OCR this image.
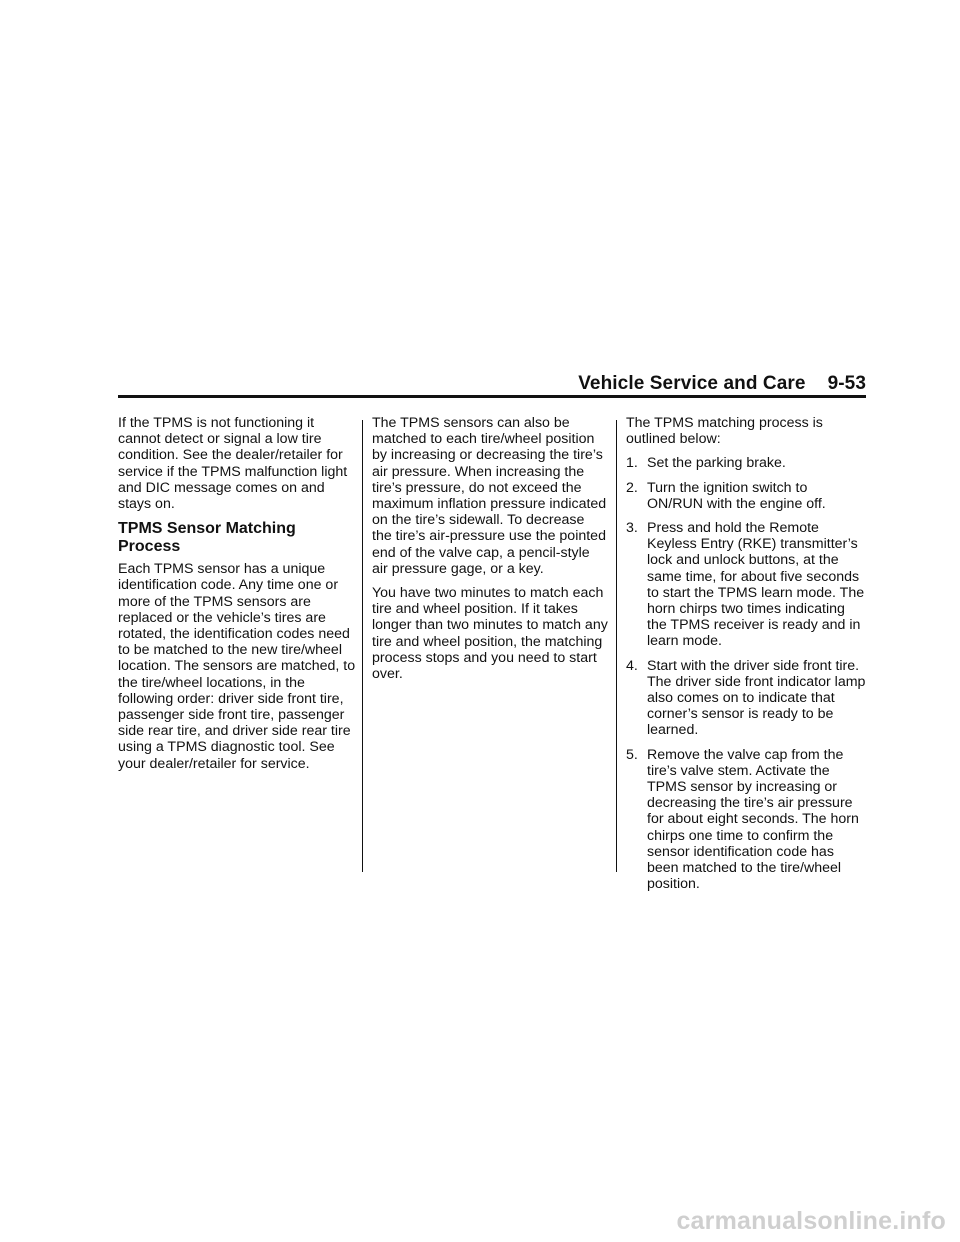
Vehicle Service and Care 9-53

If the TPMS is not functioning it cannot detect or signal a low tire condition. See the dealer/retailer for service if the TPMS malfunction light and DIC message comes on and stays on.

TPMS Sensor Matching Process

Each TPMS sensor has a unique identification code. Any time one or more of the TPMS sensors are replaced or the vehicle’s tires are rotated, the identification codes need to be matched to the new tire/wheel location. The sensors are matched, to the tire/wheel locations, in the following order: driver side front tire, passenger side front tire, passenger side rear tire, and driver side rear tire using a TPMS diagnostic tool. See your dealer/retailer for service.

The TPMS sensors can also be matched to each tire/wheel position by increasing or decreasing the tire’s air pressure. When increasing the tire’s pressure, do not exceed the maximum inflation pressure indicated on the tire’s sidewall. To decrease the tire’s air-pressure use the pointed end of the valve cap, a pencil-style air pressure gage, or a key.

You have two minutes to match each tire and wheel position. If it takes longer than two minutes to match any tire and wheel position, the matching process stops and you need to start over.

The TPMS matching process is outlined below:

1. Set the parking brake.
2. Turn the ignition switch to ON/RUN with the engine off.
3. Press and hold the Remote Keyless Entry (RKE) transmitter’s lock and unlock buttons, at the same time, for about five seconds to start the TPMS learn mode. The horn chirps two times indicating the TPMS receiver is ready and in learn mode.
4. Start with the driver side front tire. The driver side front indicator lamp also comes on to indicate that corner’s sensor is ready to be learned.
5. Remove the valve cap from the tire’s valve stem. Activate the TPMS sensor by increasing or decreasing the tire’s air pressure for about eight seconds. The horn chirps one time to confirm the sensor identification code has been matched to the tire/wheel position.
carmanualsonline.info
